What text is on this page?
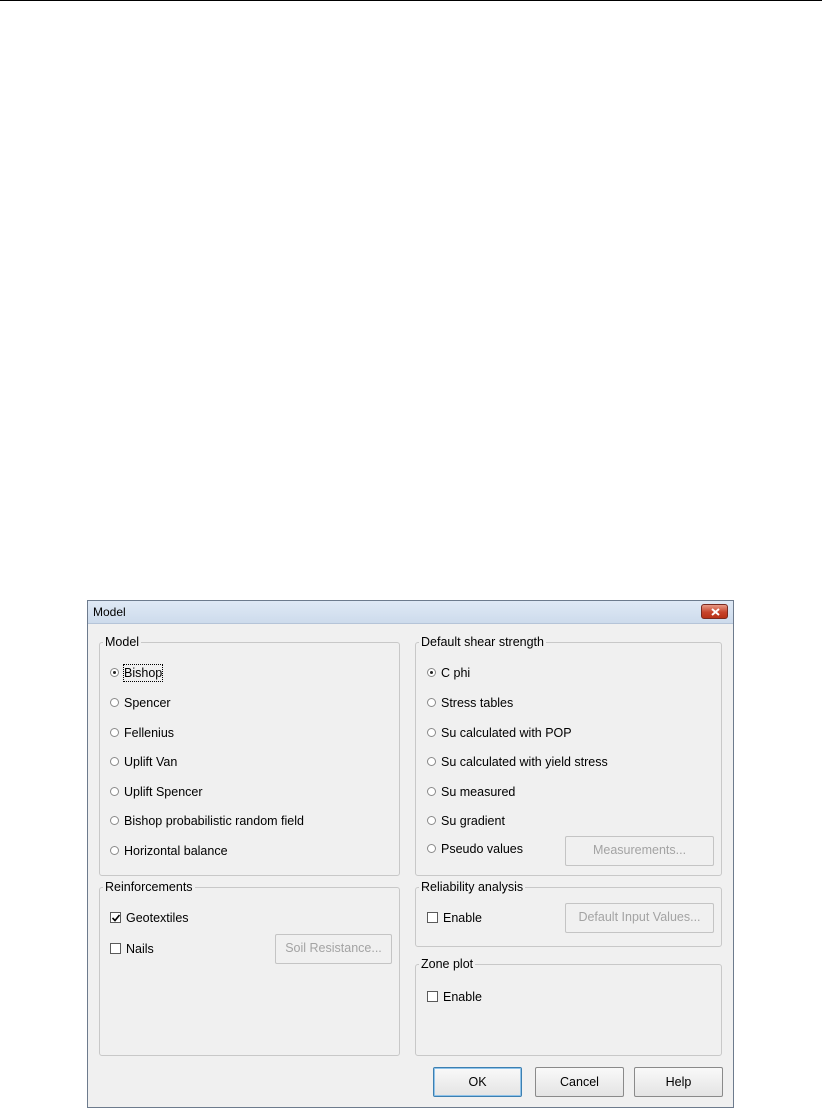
Model
Model
Bishop
Spencer
Fellenius
Uplift Van
Uplift Spencer
Bishop probabilistic random field
Horizontal balance
Default shear strength
C phi
Stress tables
Su calculated with POP
Su calculated with yield stress
Su measured
Su gradient
Pseudo values	Measurements...
Reinforcements
Geotextiles
Nails	Soil Resistance...
Reliability analysis
Enable	Default Input Values...
Zone plot
Enable
OK	Cancel	Help
